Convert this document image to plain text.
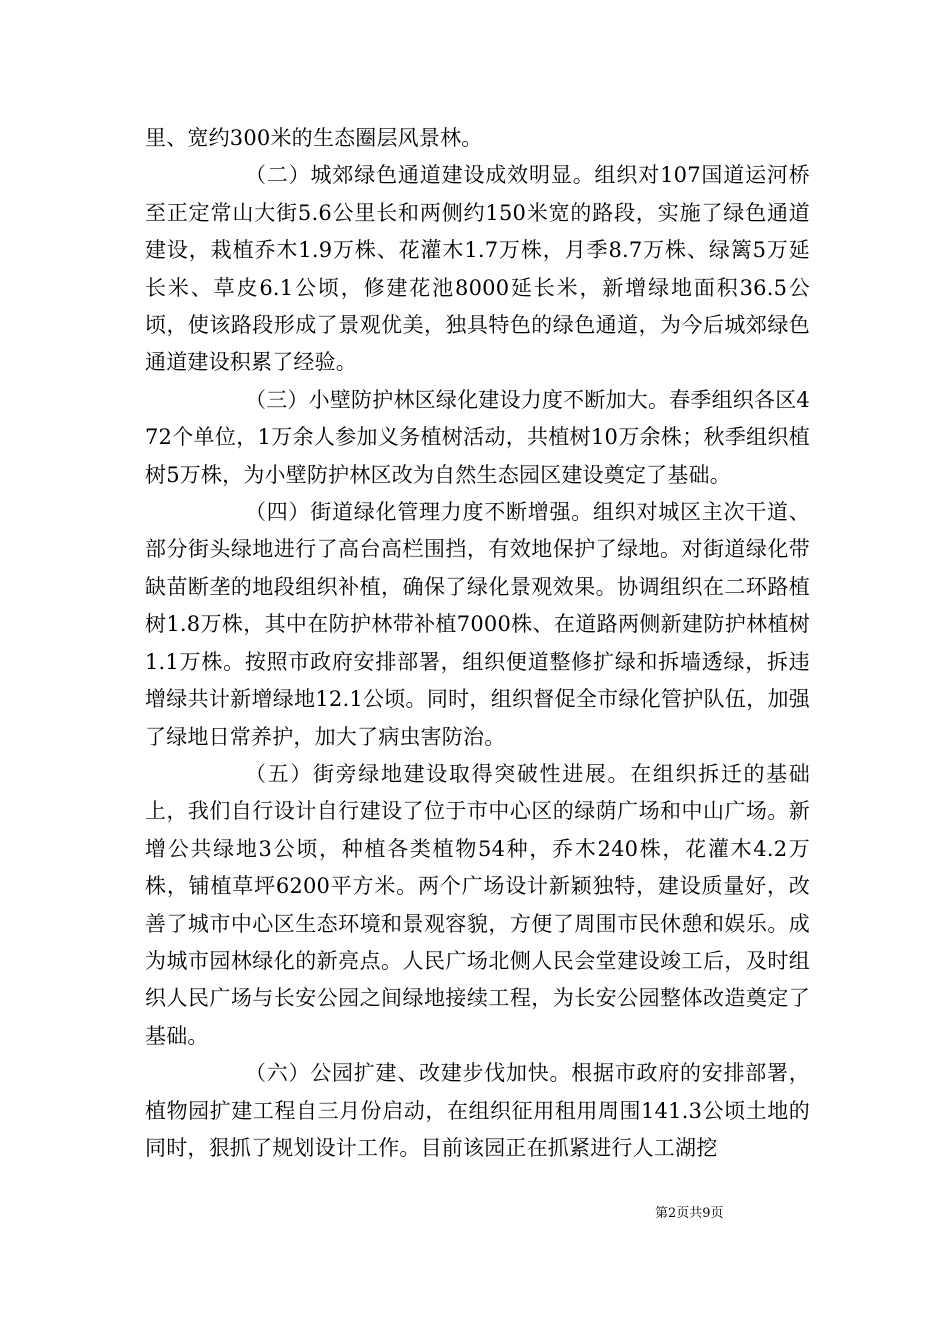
里、宽约300米的生态圈层风景林。

（二）城郊绿色通道建设成效明显。组织对107国道运河桥至正定常山大街5.6公里长和两侧约150米宽的路段，实施了绿色通道建设，栽植乔木1.9万株、花灌木1.7万株，月季8.7万株、绿篱5万延长米、草皮6.1公顷，修建花池8000延长米，新增绿地面积36.5公顷，使该路段形成了景观优美，独具特色的绿色通道，为今后城郊绿色通道建设积累了经验。

（三）小壁防护林区绿化建设力度不断加大。春季组织各区472个单位，1万余人参加义务植树活动，共植树10万余株；秋季组织植树5万株，为小壁防护林区改为自然生态园区建设奠定了基础。

（四）街道绿化管理力度不断增强。组织对城区主次干道、部分街头绿地进行了高台高栏围挡，有效地保护了绿地。对街道绿化带缺苗断垄的地段组织补植，确保了绿化景观效果。协调组织在二环路植树1.8万株，其中在防护林带补植7000株、在道路两侧新建防护林植树1.1万株。按照市政府安排部署，组织便道整修扩绿和拆墙透绿，拆违增绿共计新增绿地12.1公顷。同时，组织督促全市绿化管护队伍，加强了绿地日常养护，加大了病虫害防治。

（五）街旁绿地建设取得突破性进展。在组织拆迁的基础上，我们自行设计自行建设了位于市中心区的绿荫广场和中山广场。新增公共绿地3公顷，种植各类植物54种，乔木240株，花灌木4.2万株，铺植草坪6200平方米。两个广场设计新颖独特，建设质量好，改善了城市中心区生态环境和景观容貌，方便了周围市民休憩和娱乐。成为城市园林绿化的新亮点。人民广场北侧人民会堂建设竣工后，及时组织人民广场与长安公园之间绿地接续工程，为长安公园整体改造奠定了基础。

（六）公园扩建、改建步伐加快。根据市政府的安排部署，植物园扩建工程自三月份启动，在组织征用租用周围141.3公顷土地的同时，狠抓了规划设计工作。目前该园正在抓紧进行人工湖挖

第2页共9页
